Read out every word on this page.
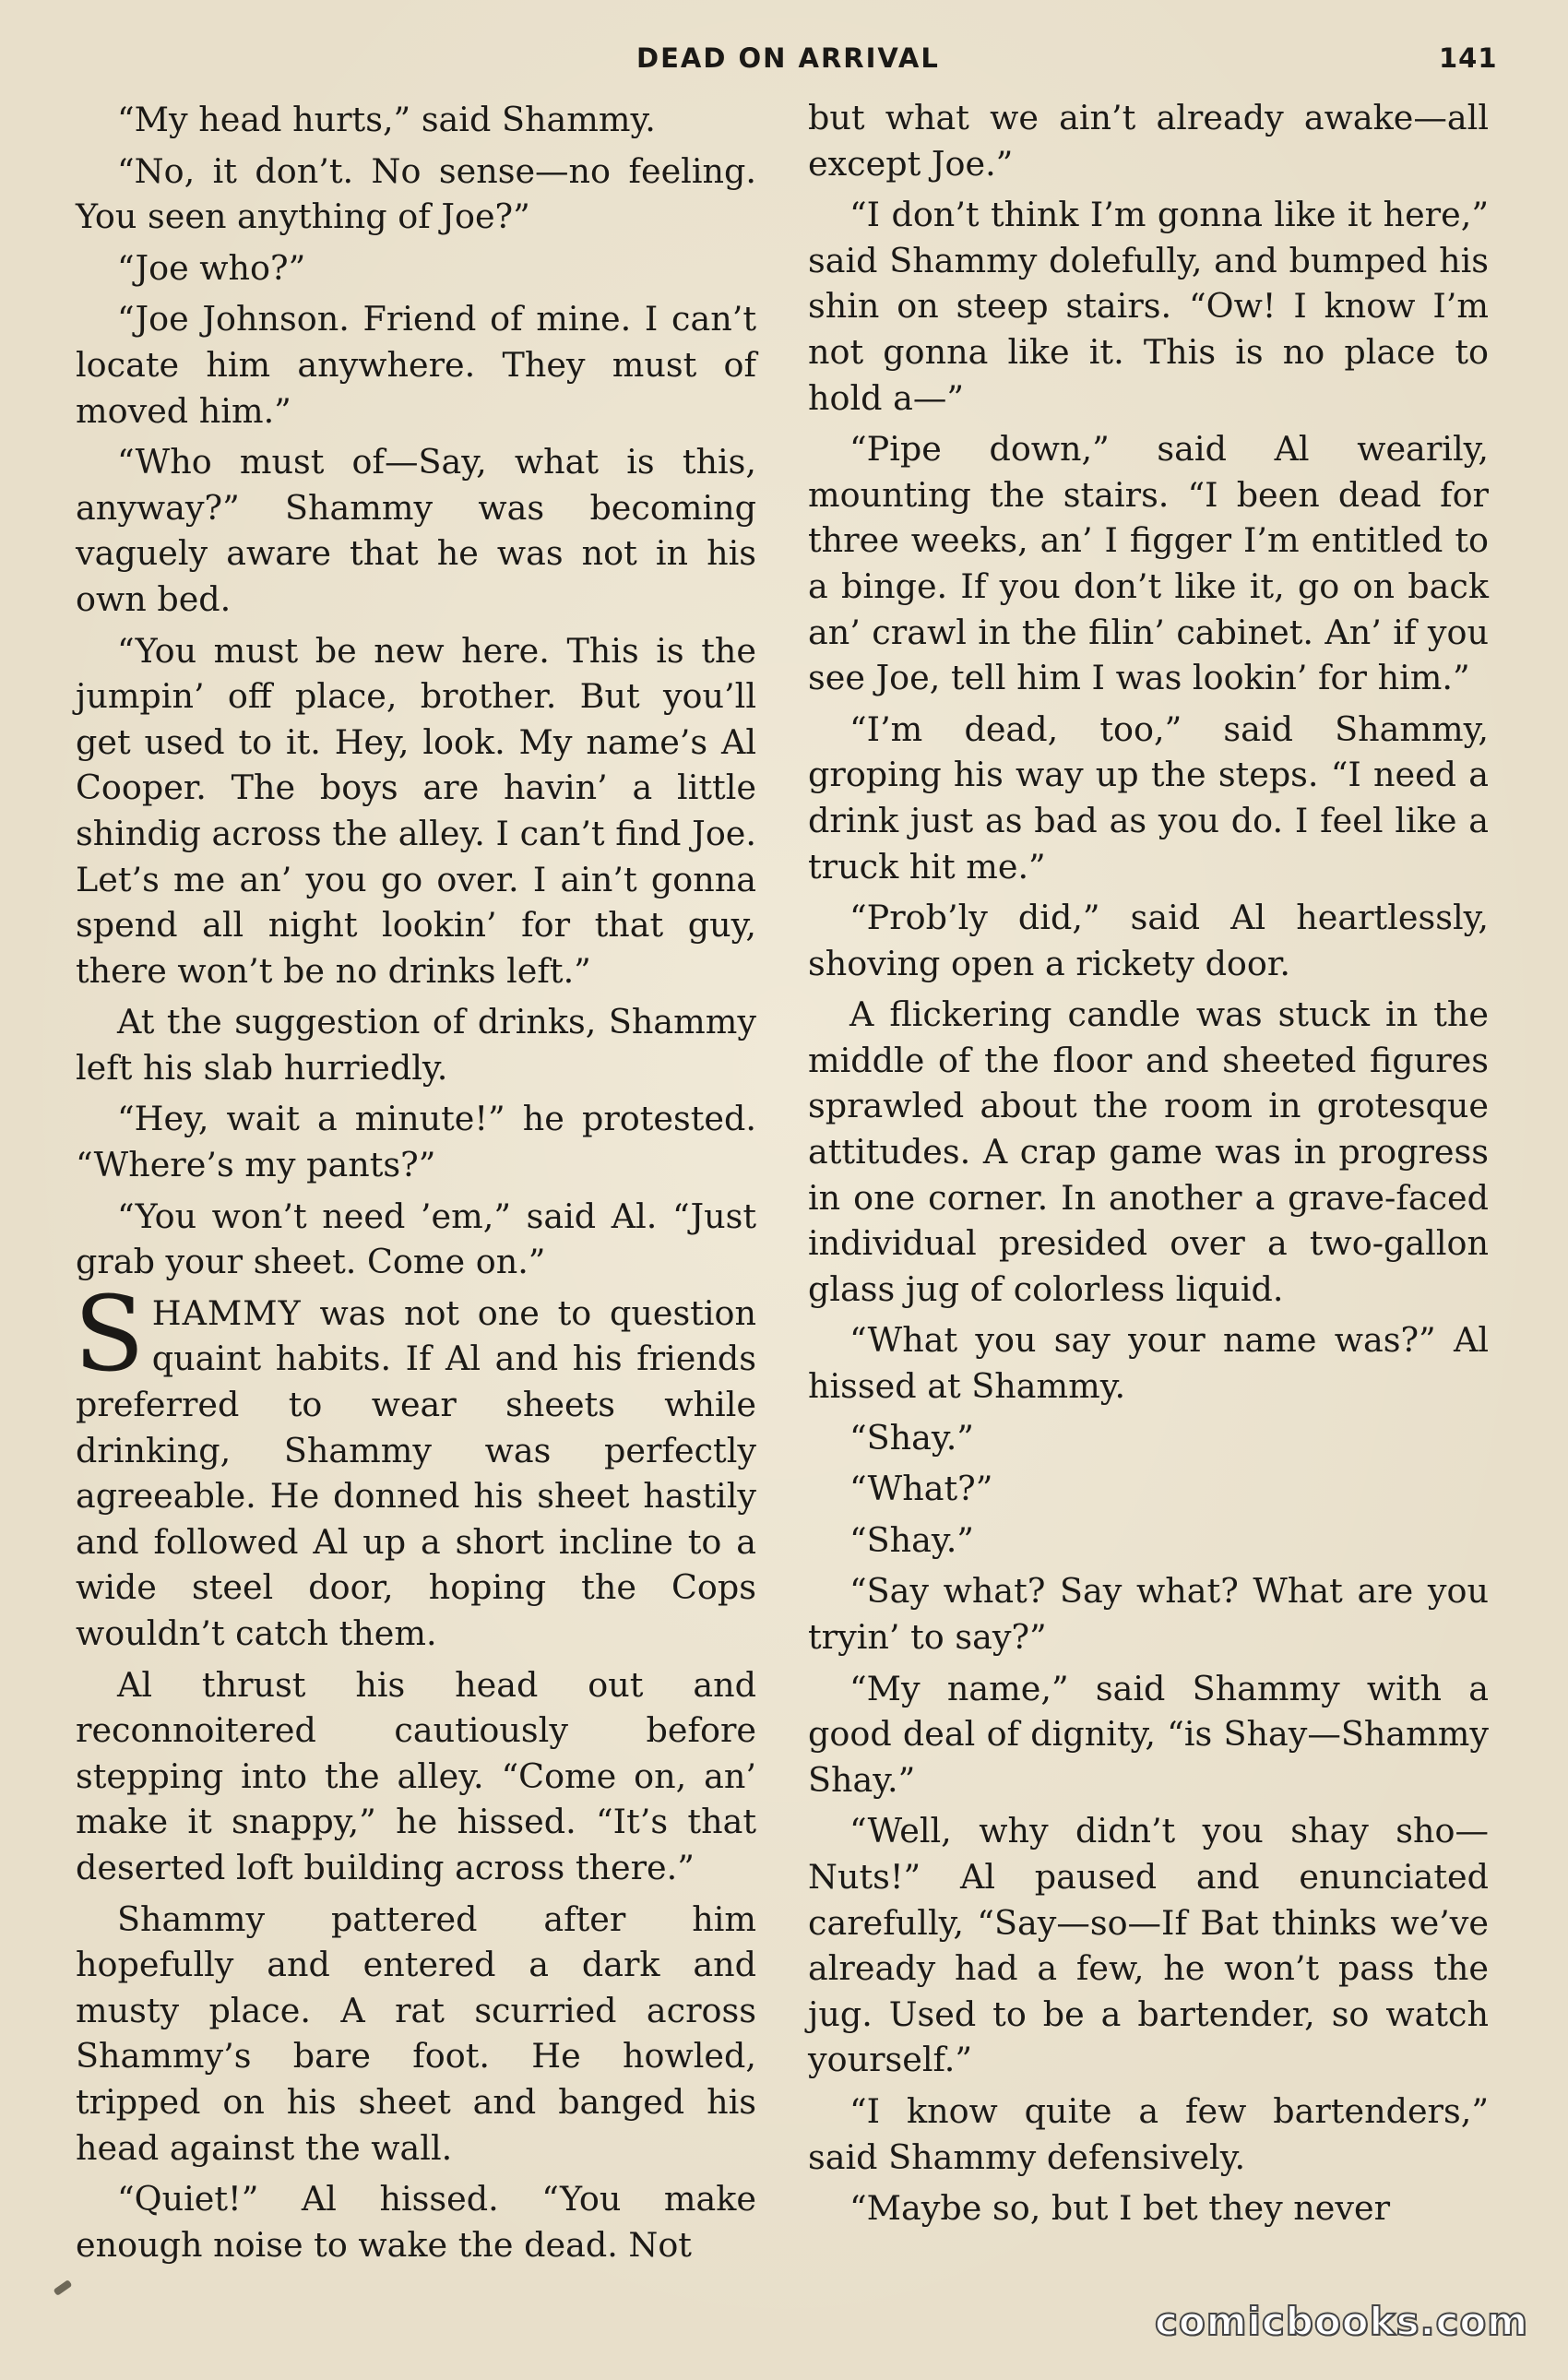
DEAD ON ARRIVAL	141

“My head hurts,” said Shammy.

“No, it don’t. No sense—no feeling. You seen anything of Joe?”

“Joe who?”

“Joe Johnson. Friend of mine. I can’t locate him anywhere. They must of moved him.”

“Who must of—Say, what is this, anyway?” Shammy was becoming vaguely aware that he was not in his own bed.

“You must be new here. This is the jumpin’ off place, brother. But you’ll get used to it. Hey, look. My name’s Al Cooper. The boys are havin’ a little shindig across the alley. I can’t find Joe. Let’s me an’ you go over. I ain’t gonna spend all night lookin’ for that guy, there won’t be no drinks left.”

At the suggestion of drinks, Shammy left his slab hurriedly.

“Hey, wait a minute!” he protested. “Where’s my pants?”

“You won’t need ’em,” said Al. “Just grab your sheet. Come on.”

SHAMMY was not one to question quaint habits. If Al and his friends preferred to wear sheets while drinking, Shammy was perfectly agreeable. He donned his sheet hastily and followed Al up a short incline to a wide steel door, hoping the Cops wouldn’t catch them.

Al thrust his head out and reconnoitered cautiously before stepping into the alley. “Come on, an’ make it snappy,” he hissed. “It’s that deserted loft building across there.”

Shammy pattered after him hopefully and entered a dark and musty place. A rat scurried across Shammy’s bare foot. He howled, tripped on his sheet and banged his head against the wall.

“Quiet!” Al hissed. “You make enough noise to wake the dead. Not

but what we ain’t already awake—all except Joe.”

“I don’t think I’m gonna like it here,” said Shammy dolefully, and bumped his shin on steep stairs. “Ow! I know I’m not gonna like it. This is no place to hold a—”

“Pipe down,” said Al wearily, mounting the stairs. “I been dead for three weeks, an’ I figger I’m entitled to a binge. If you don’t like it, go on back an’ crawl in the filin’ cabinet. An’ if you see Joe, tell him I was lookin’ for him.”

“I’m dead, too,” said Shammy, groping his way up the steps. “I need a drink just as bad as you do. I feel like a truck hit me.”

“Prob’ly did,” said Al heartlessly, shoving open a rickety door.

A flickering candle was stuck in the middle of the floor and sheeted figures sprawled about the room in grotesque attitudes. A crap game was in progress in one corner. In another a grave-faced individual presided over a two-gallon glass jug of colorless liquid.

“What you say your name was?” Al hissed at Shammy.

“Shay.”

“What?”

“Shay.”

“Say what? Say what? What are you tryin’ to say?”

“My name,” said Shammy with a good deal of dignity, “is Shay—Shammy Shay.”

“Well, why didn’t you shay sho—Nuts!” Al paused and enunciated carefully, “Say—so—If Bat thinks we’ve already had a few, he won’t pass the jug. Used to be a bartender, so watch yourself.”

“I know quite a few bartenders,” said Shammy defensively.

“Maybe so, but I bet they never

comicbooks.com
